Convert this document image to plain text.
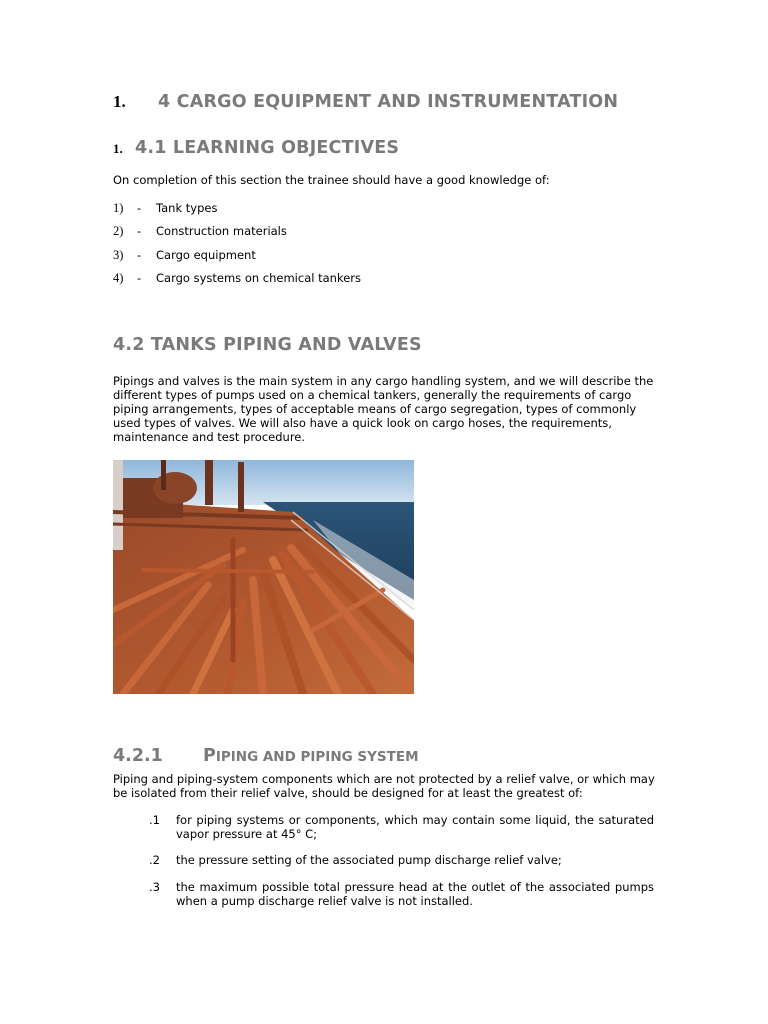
1.	4 CARGO EQUIPMENT AND INSTRUMENTATION
1. 4.1 LEARNING OBJECTIVES
On completion of this section the trainee should have a good knowledge of:
1)	-	Tank types
2)	-	Construction materials
3)	-	Cargo equipment
4)	-	Cargo systems on chemical tankers
4.2 TANKS PIPING AND VALVES
Pipings and valves is the main system in any cargo handling system, and we will describe the
different types of pumps used on a chemical tankers, generally the requirements of cargo
piping arrangements, types of acceptable means of cargo segregation, types of commonly
used types of valves. We will also have a quick look on cargo hoses, the requirements,
maintenance and test procedure.
4.2.1	PIPING AND PIPING SYSTEM
Piping and piping-system components which are not protected by a relief valve, or which may
be isolated from their relief valve, should be designed for at least the greatest of:
.1	for piping systems or components, which may contain some liquid, the saturated vapor pressure at 45° C;
.2	the pressure setting of the associated pump discharge relief valve;
.3	the maximum possible total pressure head at the outlet of the associated pumps when a pump discharge relief valve is not installed.
